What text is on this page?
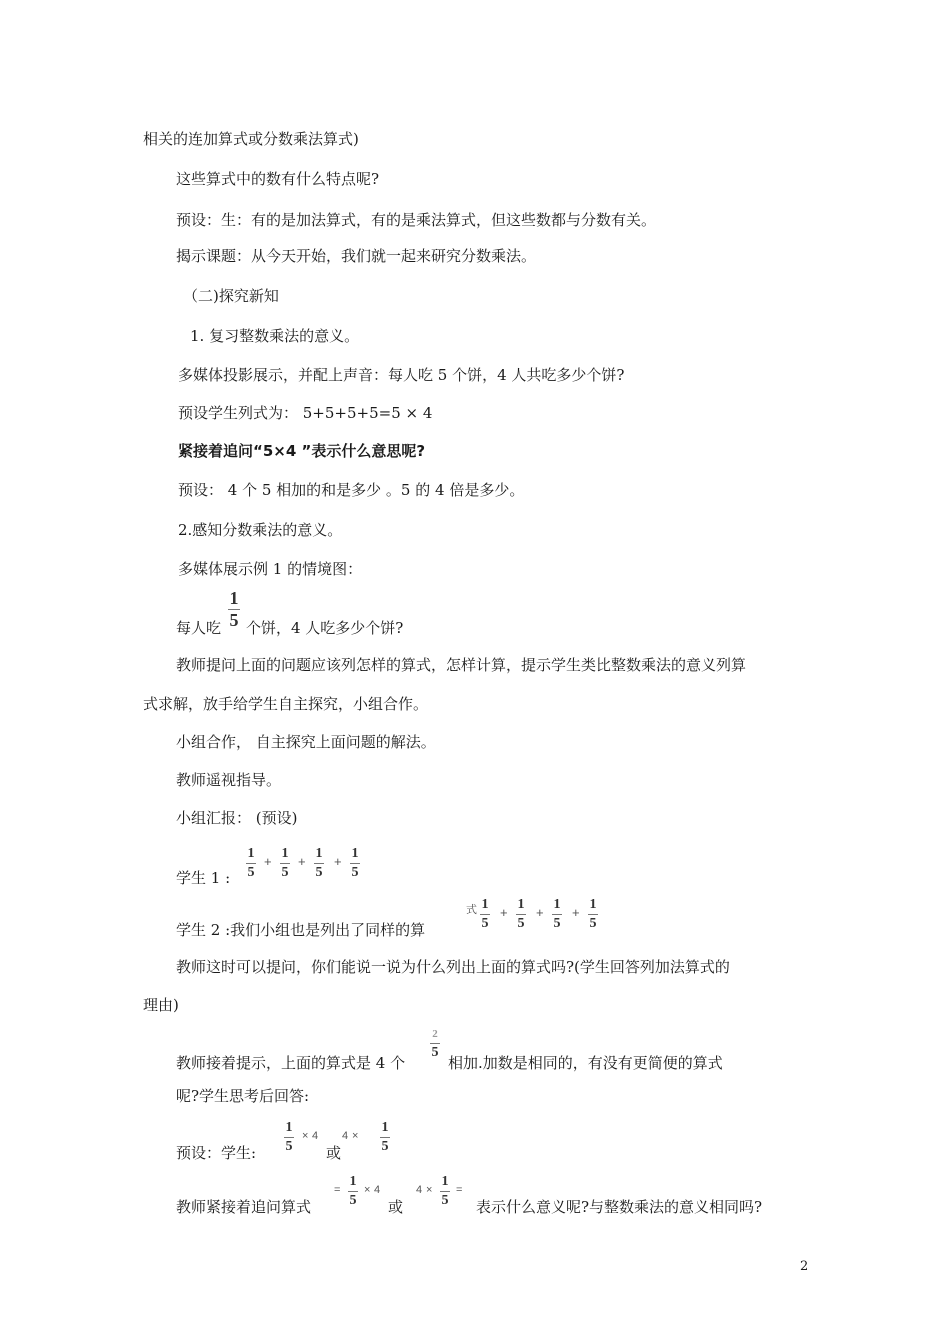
相关的连加算式或分数乘法算式)
这些算式中的数有什么特点呢?
预设：生：有的是加法算式，有的是乘法算式，但这些数都与分数有关。
揭示课题：从今天开始，我们就一起来研究分数乘法。
（二)探究新知
1. 复习整数乘法的意义。
多媒体投影展示，并配上声音：每人吃 5 个饼，4 人共吃多少个饼?
预设学生列式为： 5+5+5+5=5 × 4
紧接着追问“5×4 ”表示什么意思呢?
预设： 4 个 5 相加的和是多少 。5 的 4 倍是多少。
2.感知分数乘法的意义。
多媒体展示例 1 的情境图：
每人吃
1
5 个饼，4 人吃多少个饼?
教师提问上面的问题应该列怎样的算式，怎样计算，提示学生类比整数乘法的意义列算
式求解，放手给学生自主探究，小组合作。
小组合作， 自主探究上面问题的解法。
教师遥视指导。
小组汇报： (预设)
学生 1 :
1
5
+
1
5
+
1
5
+
1
5
学生 2 :我们小组也是列出了同样的算
式 1
5
+
1
5
+
1
5
+
1
5
教师这时可以提问，你们能说一说为什么列出上面的算式吗?(学生回答列加法算式的
理由)
教师接着提示，上面的算式是 4 个
2
5
相加.加数是相同的，有没有更简便的算式
呢?学生思考后回答:
预设：学生:
1
5
× 4
或
4 ×
1
5
教师紧接着追问算式
=
1
5
× 4
或
4 ×
1
5
=
表示什么意义呢?与整数乘法的意义相同吗?
2
